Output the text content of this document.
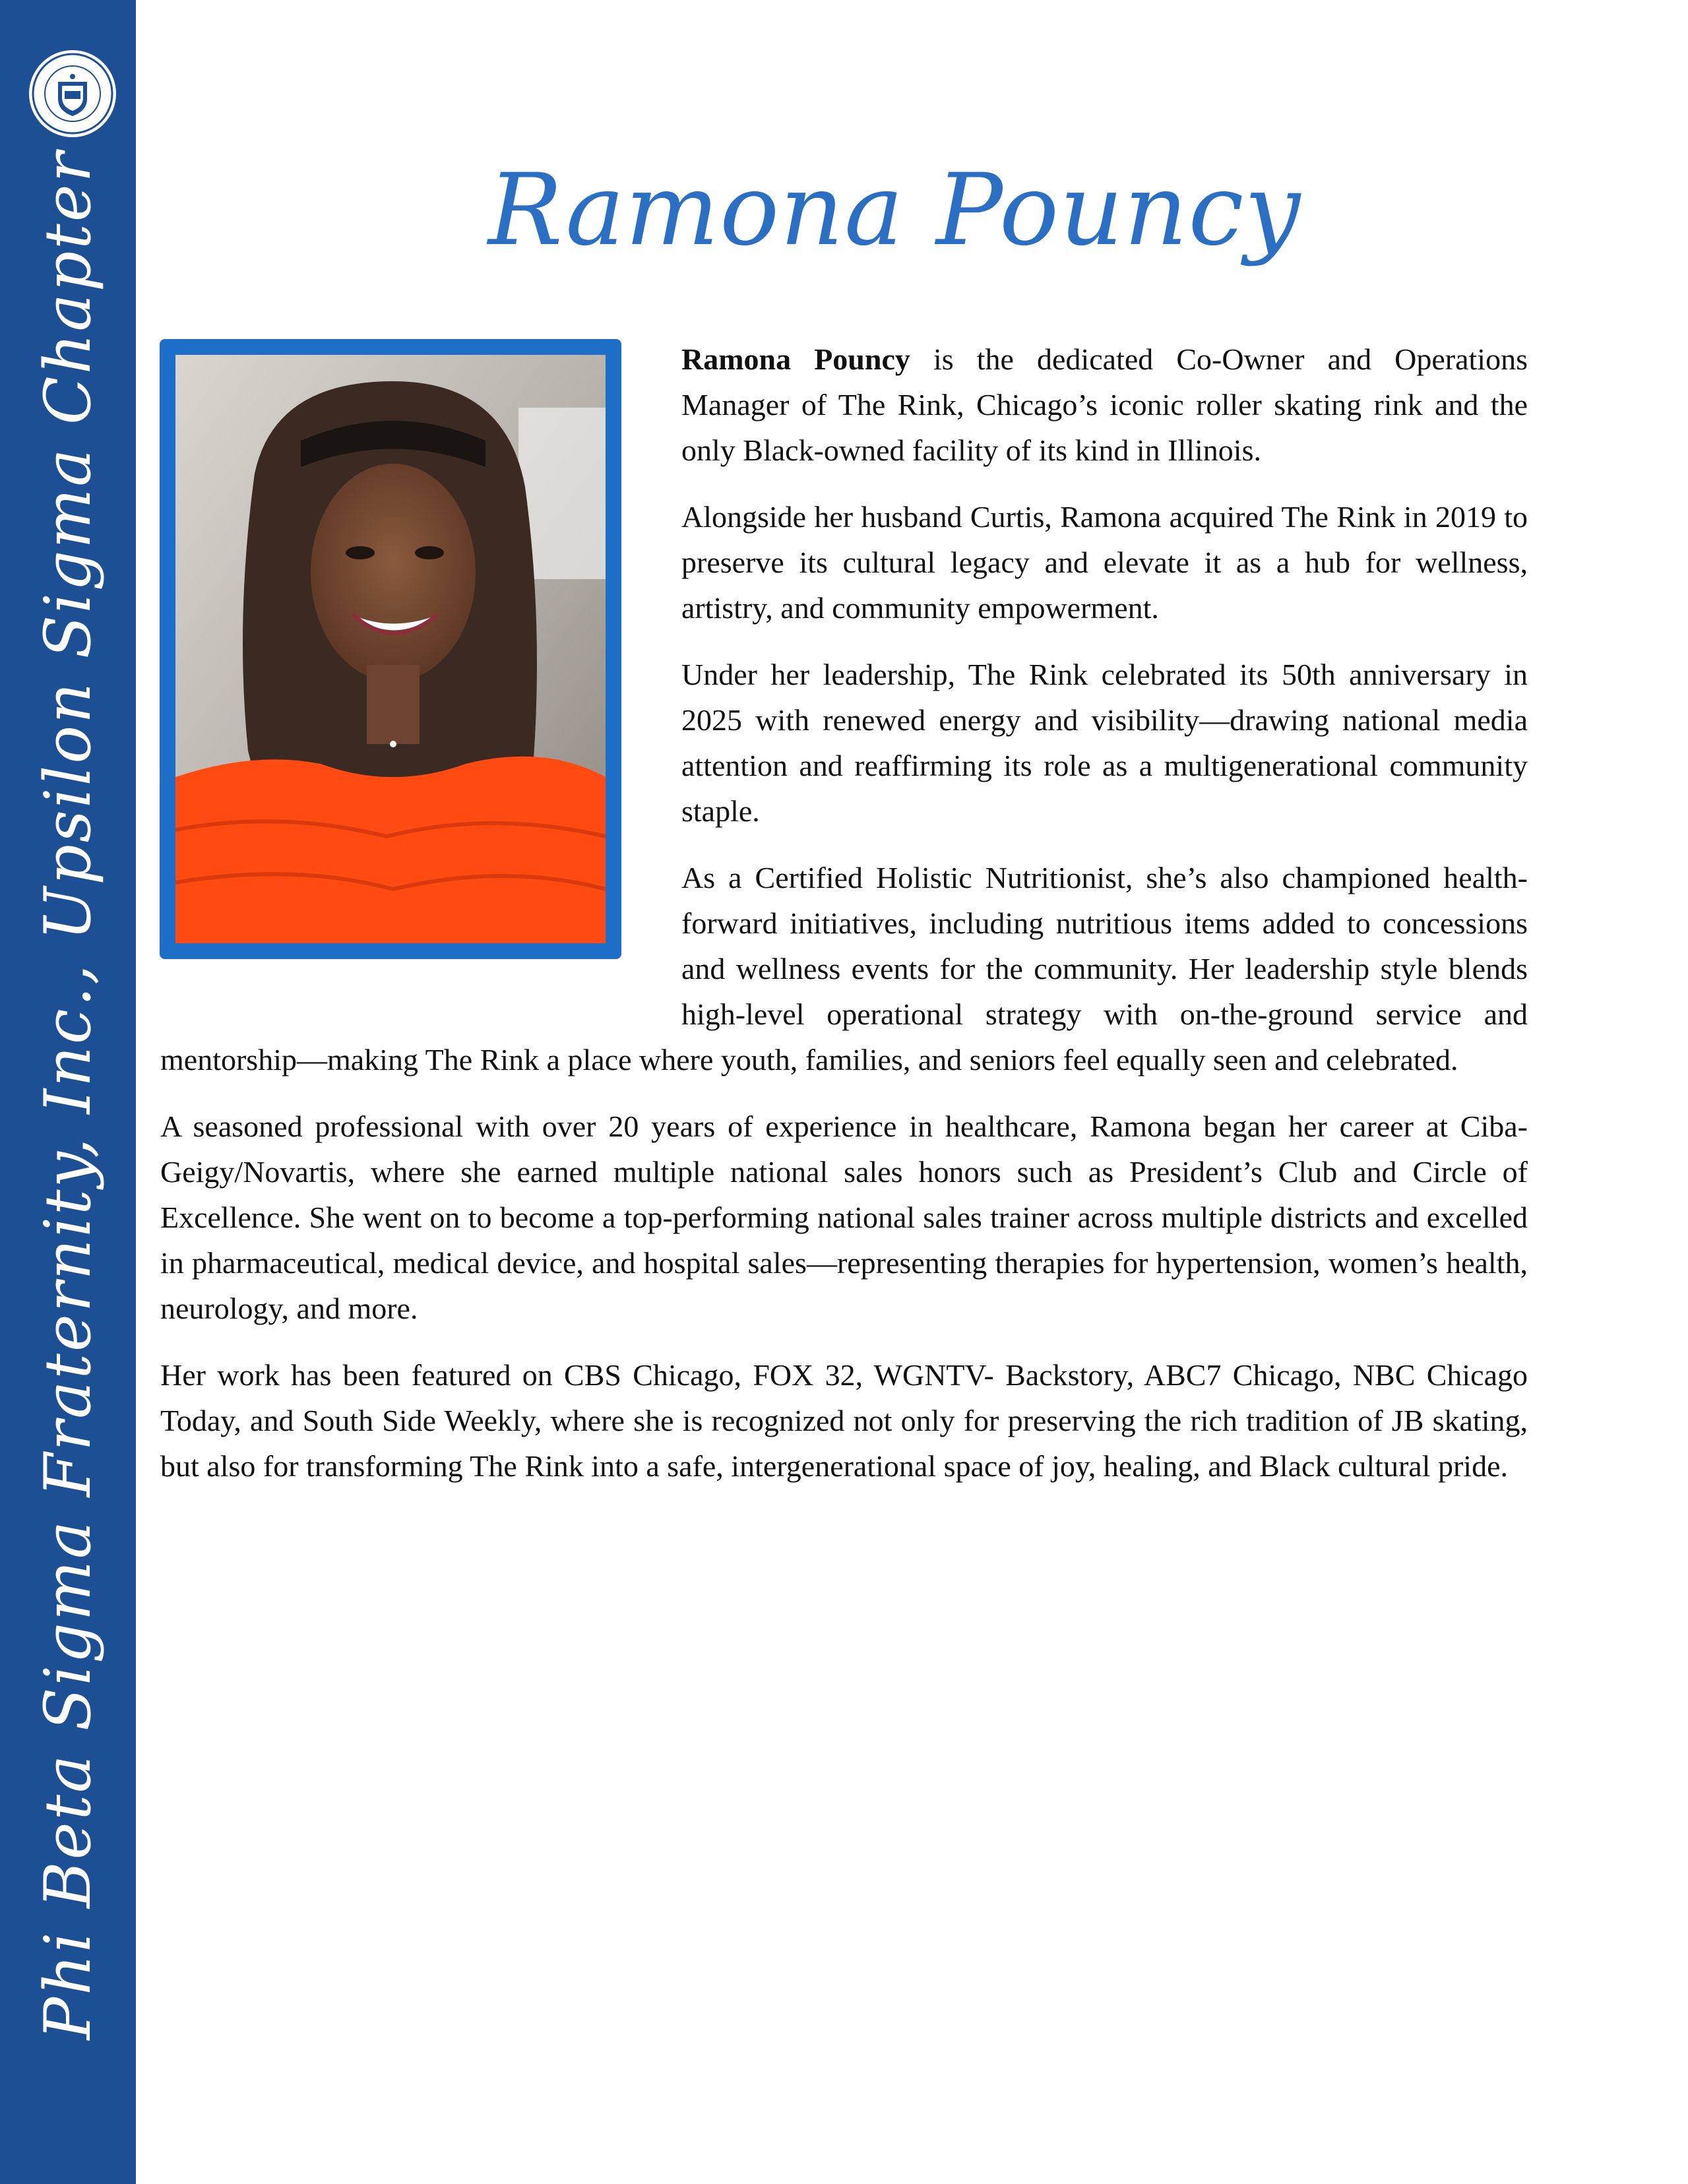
Phi Beta Sigma Fraternity, Inc., Upsilon Sigma Chapter	Ramona Pouncy

Ramona Pouncy is the dedicated Co-Owner and Operations Manager of The Rink, Chicago’s iconic roller skating rink and the only Black-owned facility of its kind in Illinois.

Alongside her husband Curtis, Ramona acquired The Rink in 2019 to preserve its cultural legacy and elevate it as a hub for wellness, artistry, and community empowerment.

Under her leadership, The Rink celebrated its 50th anniversary in 2025 with renewed energy and visibility—drawing national media attention and reaffirming its role as a multigenerational community staple.

As a Certified Holistic Nutritionist, she’s also championed health-forward initiatives, including nutritious items added to concessions and wellness events for the community. Her leadership style blends high-level operational strategy with on-the-ground service and mentorship—making The Rink a place where youth, families, and seniors feel equally seen and celebrated.

A seasoned professional with over 20 years of experience in healthcare, Ramona began her career at Ciba-Geigy/Novartis, where she earned multiple national sales honors such as President’s Club and Circle of Excellence. She went on to become a top-performing national sales trainer across multiple districts and excelled in pharmaceutical, medical device, and hospital sales—representing therapies for hypertension, women’s health, neurology, and more.

Her work has been featured on CBS Chicago, FOX 32, WGNTV- Backstory, ABC7 Chicago, NBC Chicago Today, and South Side Weekly, where she is recognized not only for preserving the rich tradition of JB skating, but also for transforming The Rink into a safe, intergenerational space of joy, healing, and Black cultural pride.
